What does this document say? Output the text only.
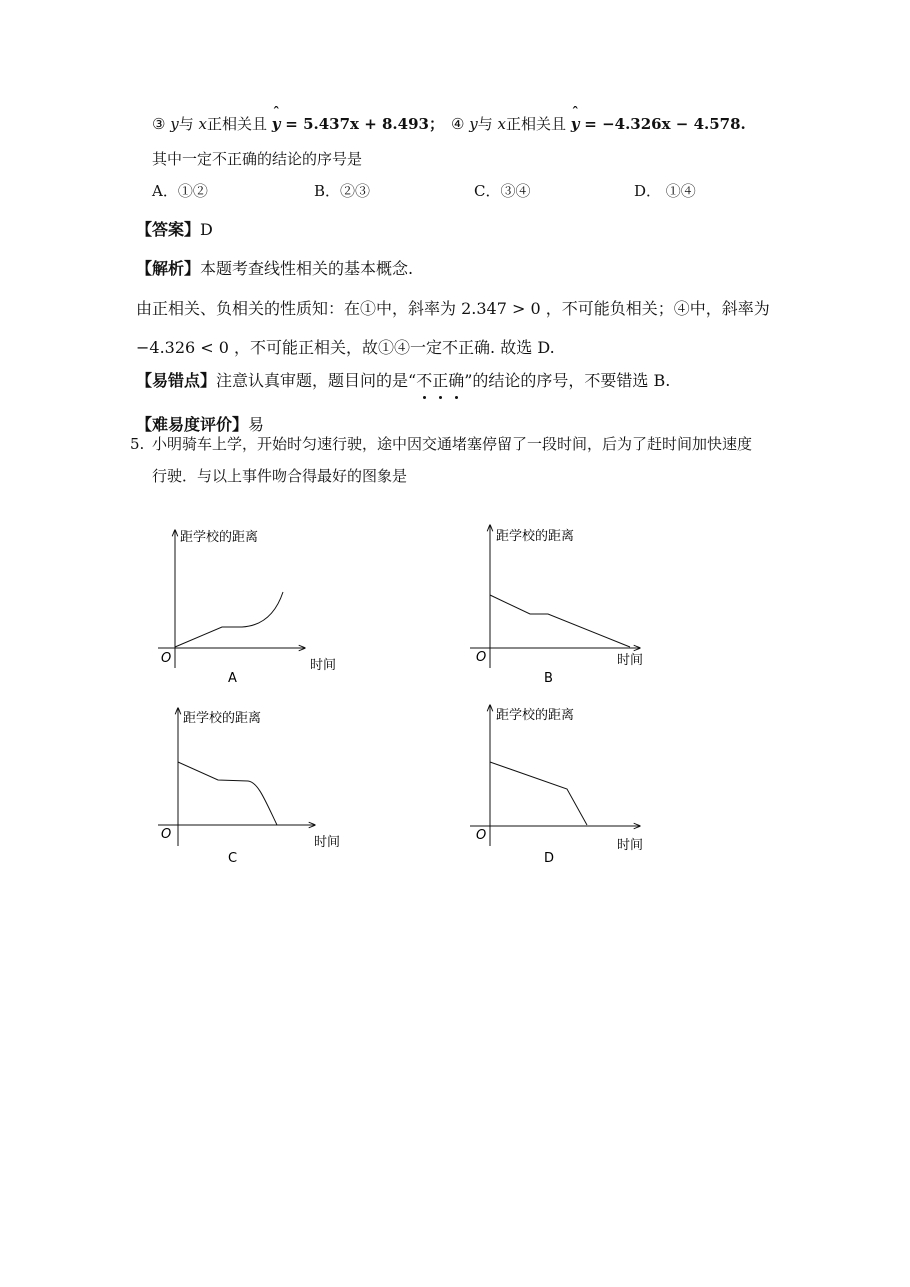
③ y与 x正相关且 ˆ y = 5.437x + 8.493； ④ y与 x正相关且 ˆ y = −4.326x − 4.578.
其中一定不正确的结论的序号是
A．①②	B．②③	C．③④	D． ①④
【答案】D
【解析】本题考查线性相关的基本概念.
由正相关、负相关的性质知：在①中，斜率为 2.347 > 0 ，不可能负相关；④中，斜率为
−4.326 < 0 ，不可能正相关，故①④一定不正确. 故选 D.
【易错点】注意认真审题，题目问的是“不正确”的结论的序号，不要错选 B.
【难易度评价】易
5. 小明骑车上学，开始时匀速行驶，途中因交通堵塞停留了一段时间，后为了赶时间加快速度
行驶．与以上事件吻合得最好的图象是
距学校的距离
时间
O
A
距学校的距离
时间
O
B
距学校的距离
时间
O
C
距学校的距离
时间
O
D
